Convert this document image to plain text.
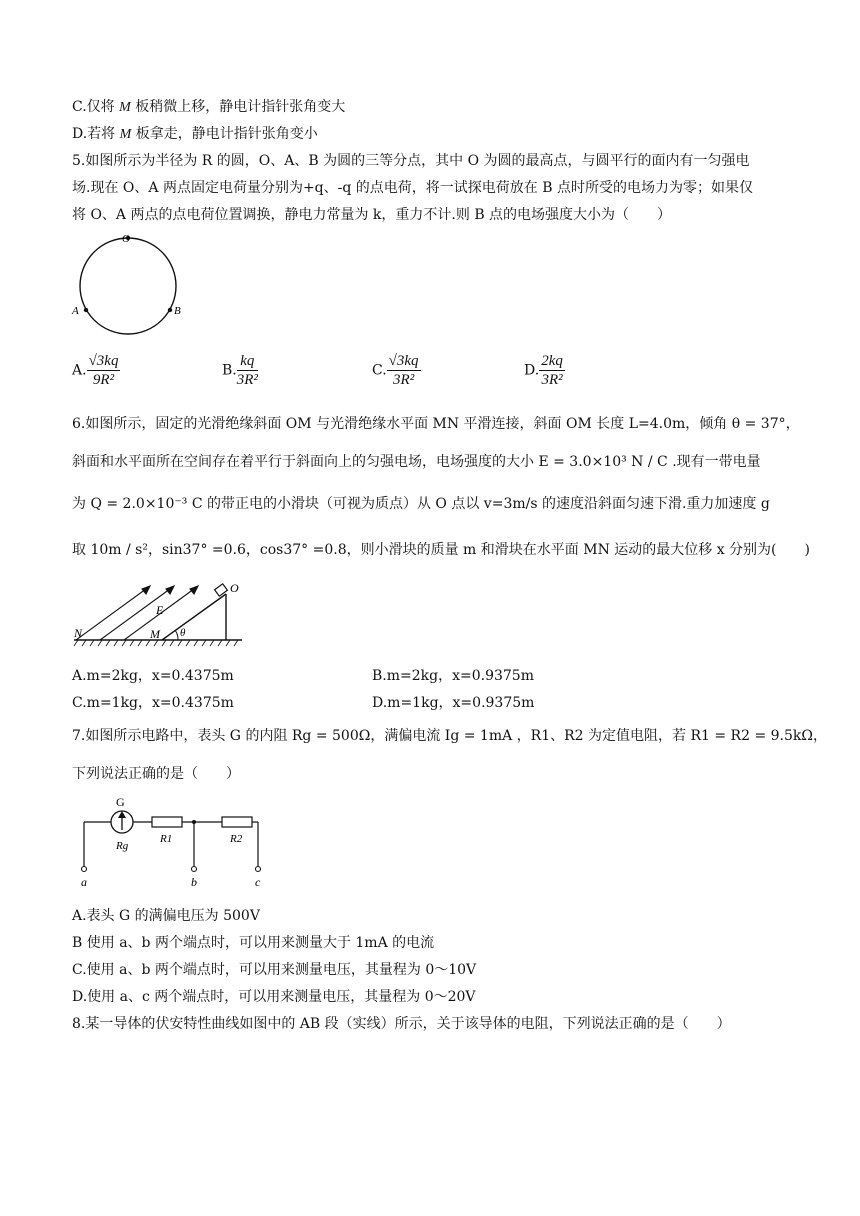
C.仅将 M 板稍微上移，静电计指针张角变大
D.若将 M 板拿走，静电计指针张角变小
5.如图所示为半径为 R 的圆，O、A、B 为圆的三等分点，其中 O 为圆的最高点，与圆平行的面内有一匀强电
场.现在 O、A 两点固定电荷量分别为+q、-q 的点电荷，将一试探电荷放在 B 点时所受的电场力为零；如果仅
将 O、A 两点的点电荷位置调换，静电力常量为 k，重力不计.则 B 点的电场强度大小为（　　）
O
A	B
A. $\frac{√3kq}{\text{9R²}}$	B. $\frac{kq}{\text{3R²}}$	C. $\frac{√3kq}{\text{3R²}}$	D. $\frac{2kq}{\text{3R²}}$
6.如图所示，固定的光滑绝缘斜面 OM 与光滑绝缘水平面 MN 平滑连接，斜面 OM 长度 L=4.0m，倾角 θ = 37°，
斜面和水平面所在空间存在着平行于斜面向上的匀强电场，电场强度的大小 E = 3.0×10³ N / C .现有一带电量
为 Q = 2.0×10⁻³ C 的带正电的小滑块（可视为质点）从 O 点以 v=3m/s 的速度沿斜面匀速下滑.重力加速度 g
取 10m / s²，sin37° =0.6，cos37° =0.8，则小滑块的质量 m 和滑块在水平面 MN 运动的最大位移 x 分别为(　　)
N
E
M θ
O
A.m=2kg，x=0.4375m	B.m=2kg，x=0.9375m
C.m=1kg，x=0.4375m	D.m=1kg，x=0.9375m
7.如图所示电路中，表头 G 的内阻 Rg = 500Ω，满偏电流 Ig = 1mA ，R1、R2 为定值电阻，若 R1 = R2 = 9.5kΩ，
下列说法正确的是（　　）
G
Rg
R1	R2
a	b	c
A.表头 G 的满偏电压为 500V
B 使用 a、b 两个端点时，可以用来测量大于 1mA 的电流
C.使用 a、b 两个端点时，可以用来测量电压，其量程为 0～10V
D.使用 a、c 两个端点时，可以用来测量电压，其量程为 0～20V
8.某一导体的伏安特性曲线如图中的 AB 段（实线）所示，关于该导体的电阻，下列说法正确的是（　　）
